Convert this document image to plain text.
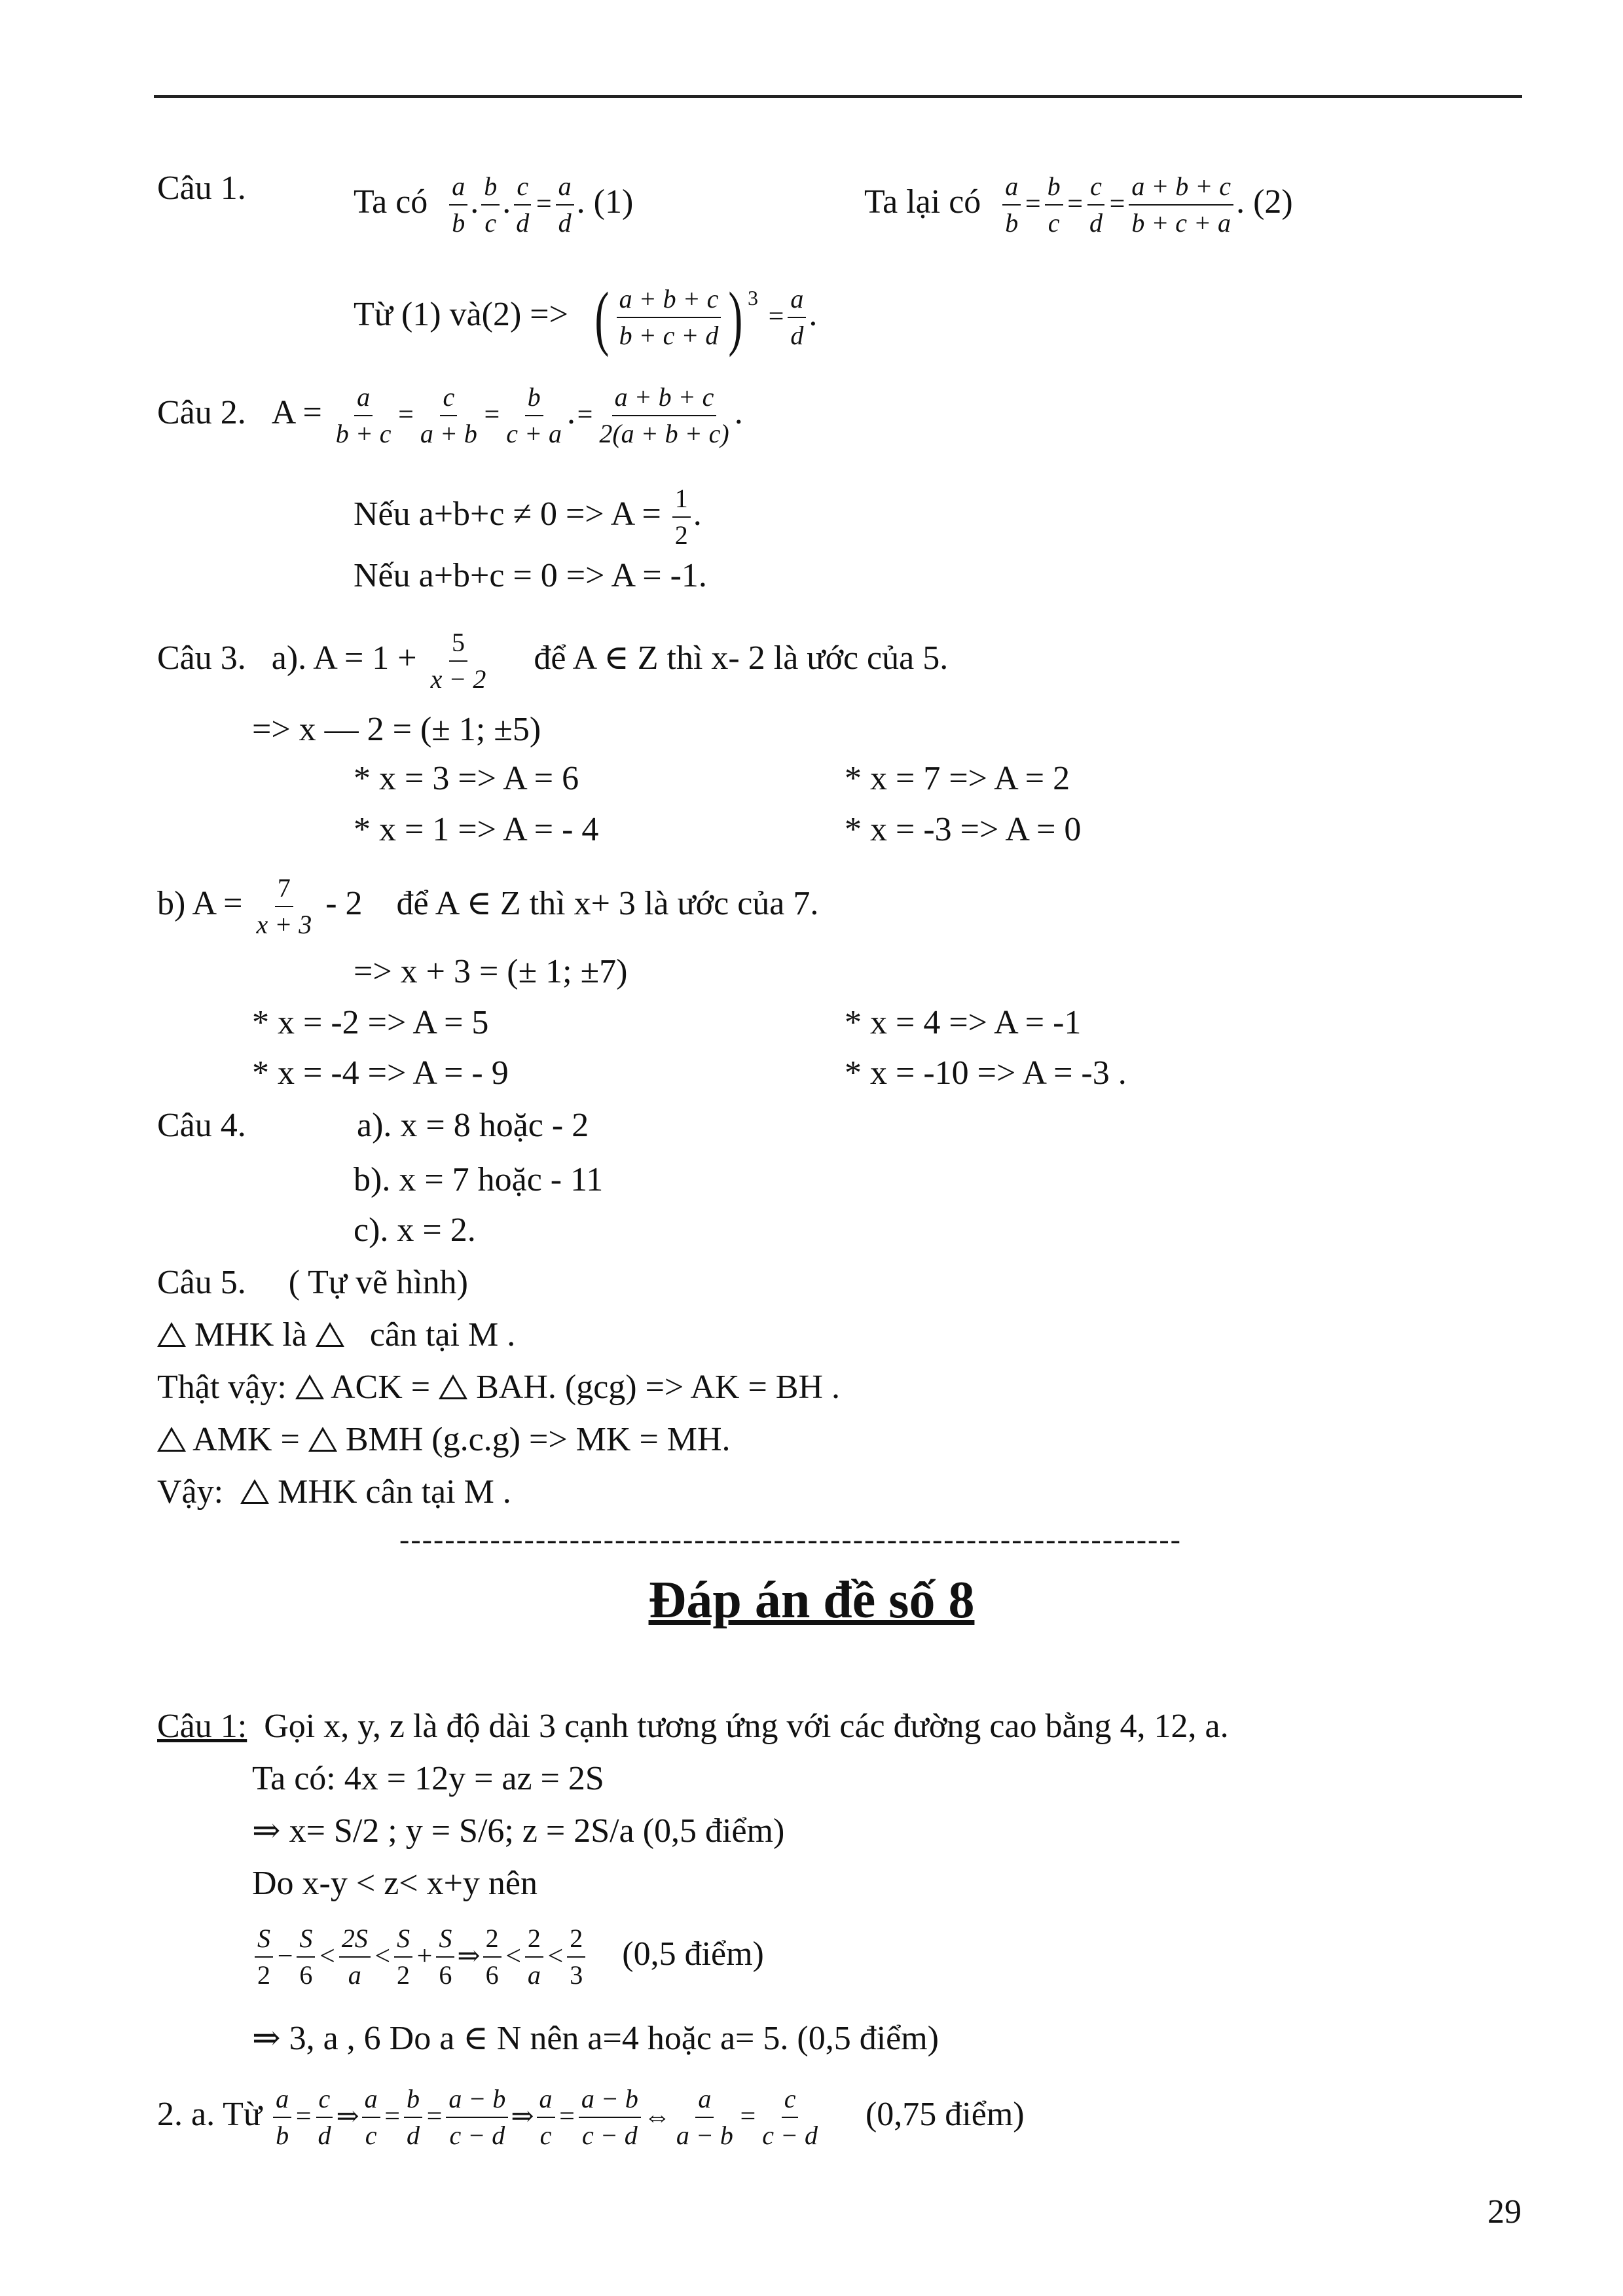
Câu 1.	Ta có $\frac{a}{b}$ . $\frac{b}{c}$ . $\frac{c}{d} = \frac{a}{d}$ . (1)	Ta lại có $\frac{a}{b} = \frac{b}{c} = \frac{c}{d} = \frac{a + b + c}{b + c + a}$ . (2)
Từ (1) và(2) => ( a + b + c
b + c + d ) 3
= $\frac{a}{d}$ .
Câu 2. $A = \frac{a}{b + c} = \frac{c}{a + b} = \frac{b}{c + a}$ .= $\frac{a + b + c}{2(a + b + c)}$ .
Nếu $a+b+c \ne 0 => A = \frac{1}{2}$ .
Nếu a+b+c = 0 => A = -1.
Câu 3. a). $A = 1 + \frac{5}{x - 2}$ để A ∈ Z thì x- 2 là ước của 5.
=> x — 2 = (± 1; ±5)
* x = 3 => A = 6	* x = 7 => A = 2
* x = 1 => A = - 4	* x = -3 => A = 0
b) $A = \frac{7}{x + 3} - 2$ để A ∈ Z thì x+ 3 là ước của 7.
=> x + 3 = (± 1; ±7)
* x = -2 => A = 5	* x = 4 => A = -1
* x = -4 => A = - 9	* x = -10 => A = -3 .
Câu 4.	a). x = 8 hoặc - 2
b). x = 7 hoặc - 11
c). x = 2.
Câu 5. ( Tự vẽ hình)
MHK là cân tại M .
Thật vậy: ACK = BAH. (gcg) => AK = BH .
AMK = BMH (g.c.g) => MK = MH.
Vậy: MHK cân tại M .
---------------------------------------------------------------------
Đáp án đề số 8
Câu 1: Gọi x, y, z là độ dài 3 cạnh tương ứng với các đường cao bằng 4, 12, a.
Ta có: 4x = 12y = az = 2S
⇒ x= S/2 ; y = S/6; z = 2S/a (0,5 điểm)
Do x-y < z< x+y nên
$\frac{S}{2} - \frac{S}{6} < \frac{2S}{a} < \frac{S}{2} + \frac{S}{6}$ ⇒ $\frac{2}{6} < \frac{2}{a} < \frac{2}{3} (0,5$ điểm)
⇒ 3, a , 6 Do a ∈ N nên a=4 hoặc a= 5. (0,5 điểm)
2. a. Từ $\frac{a}{b} = \frac{c}{d}$ ⇒ $\frac{a}{c} = \frac{b}{d} = \frac{a - b}{c - d}$ ⇒ $\frac{a}{c} = \frac{a - b}{c - d}$ ⇔ $\frac{a}{a - b} = \frac{c}{c - d} (0,75$ điểm)
29
